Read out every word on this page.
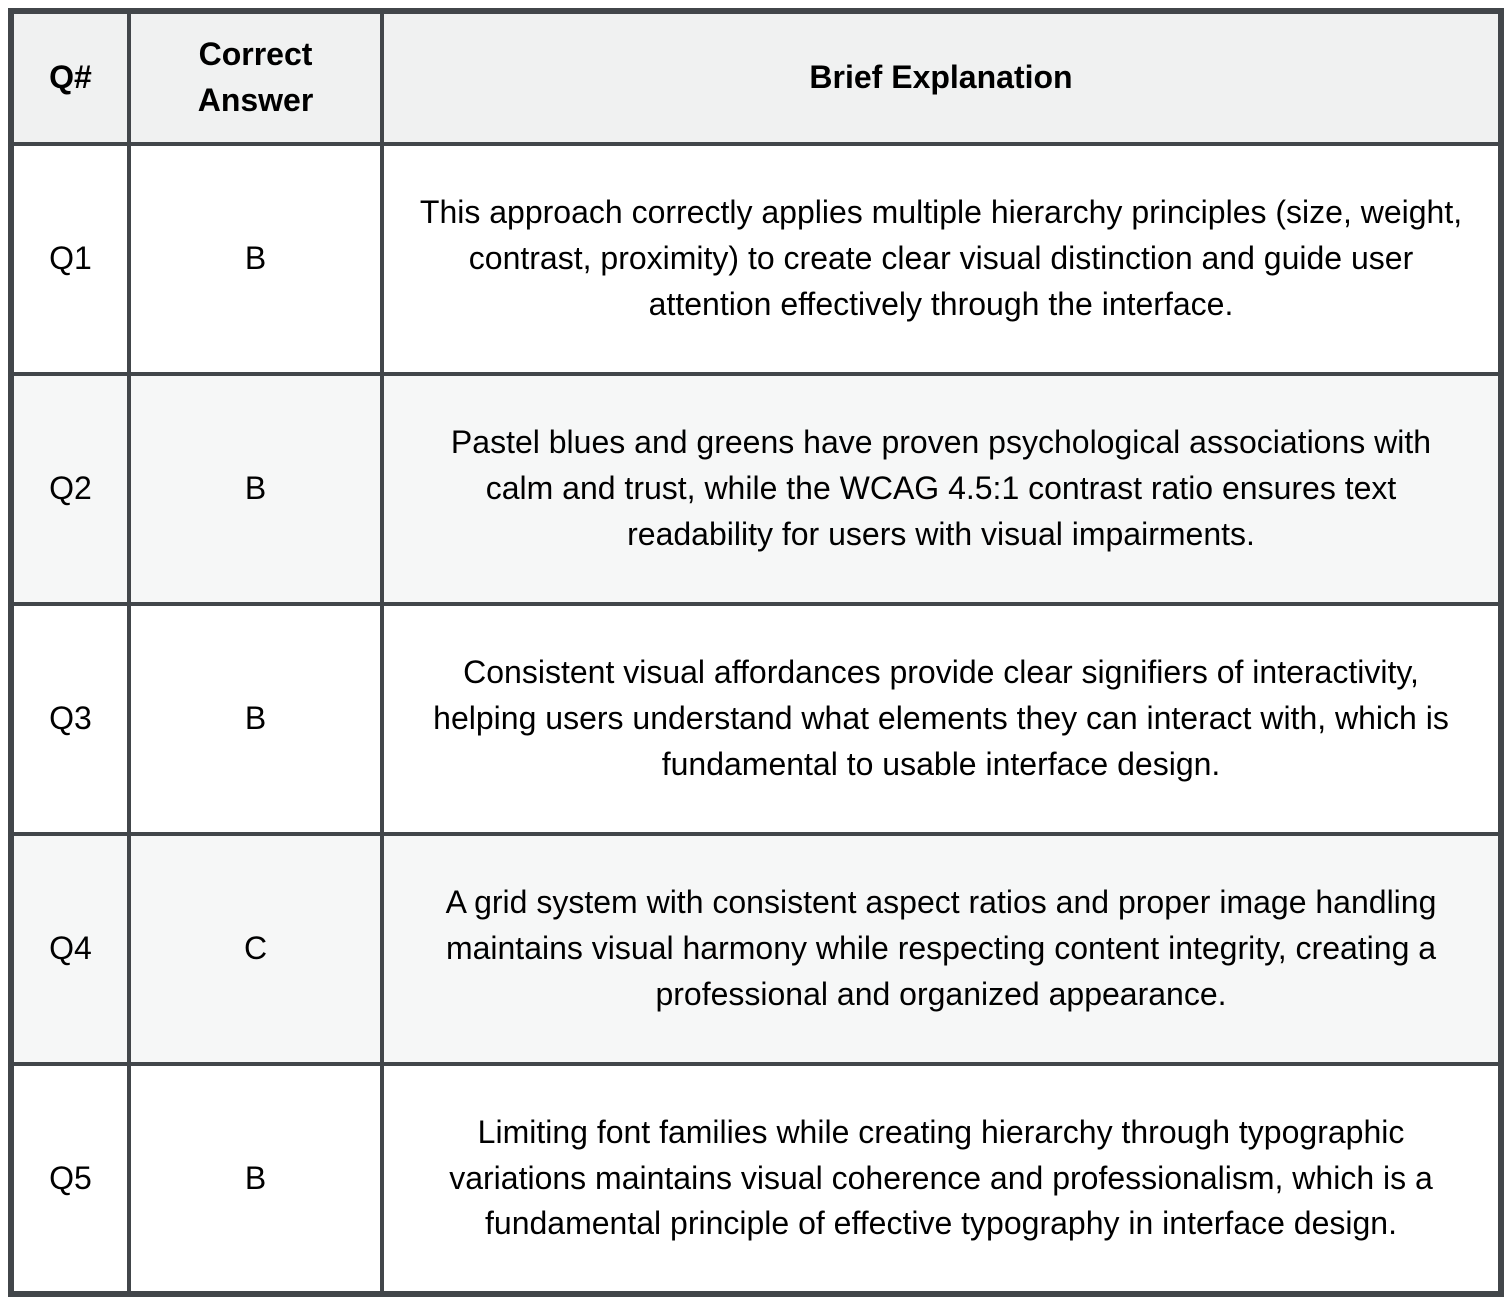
Q#	Correct Answer	Brief Explanation
Q1	B	This approach correctly applies multiple hierarchy principles (size, weight, contrast, proximity) to create clear visual distinction and guide user attention effectively through the interface.
Q2	B	Pastel blues and greens have proven psychological associations with calm and trust, while the WCAG 4.5:1 contrast ratio ensures text readability for users with visual impairments.
Q3	B	Consistent visual affordances provide clear signifiers of interactivity, helping users understand what elements they can interact with, which is fundamental to usable interface design.
Q4	C	A grid system with consistent aspect ratios and proper image handling maintains visual harmony while respecting content integrity, creating a professional and organized appearance.
Q5	B	Limiting font families while creating hierarchy through typographic variations maintains visual coherence and professionalism, which is a fundamental principle of effective typography in interface design.
